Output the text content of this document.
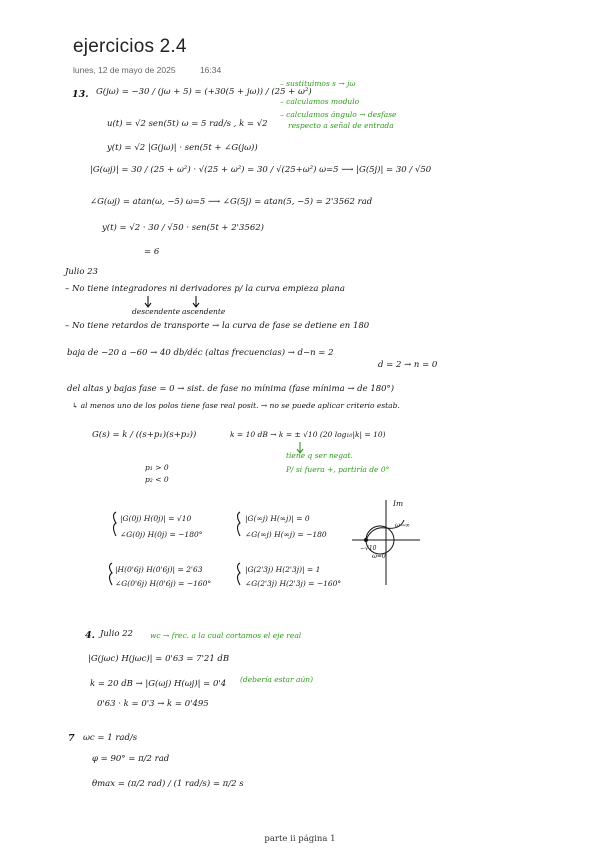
ejercicios 2.4
lunes, 12 de mayo de 2025	16:34
13. G(jω) = −30 / (jω + 5) = (+30(5 + jω)) / (25 + ω²)
u(t) = √2 sen(5t) ω = 5 rad/s , k = √2
y(t) = √2 |G(jω)| · sen(5t + ∠G(jω))
|G(ωj)| = 30 / (25 + ω²) · √(25 + ω²) = 30 / √(25+ω²) ω=5 ⟶ |G(5j)| = 30 / √50
∠G(ωj) = atan(ω, −5) ω=5 ⟶ ∠G(5j) = atan(5, −5) = 2'3562 rad
y(t) = √2 · 30 / √50 · sen(5t + 2'3562)
= 6
– sustituimos s → jω
– calculamos modulo
– calculamos ángulo → desfase
respecto a señal de entrada
Julio 23
– No tiene integradores ni derivadores p/ la curva empieza plana
descendente ascendente
– No tiene retardos de transporte → la curva de fase se detiene en 180
baja de −20 a −60 → 40 db/déc (altas frecuencias) → d−n = 2
d = 2 → n = 0
del altas y bajas fase = 0 → sist. de fase no mínima (fase mínima → de 180°)
↳ al menos uno de los polos tiene fase real posit. → no se puede aplicar criterio estab.
G(s) = k / ((s+p₁)(s+p₂))
p₁ > 0
p₂ < 0
k = 10 dB → k = ± √10 (20 log₁₀|k| = 10)
tiene q ser negat.
P/ si fuera +, partiría de 0°
|G(0j) H(0j)| = √10
∠G(0j) H(0j) = −180°
|G(∞j) H(∞j)| = 0
∠G(∞j) H(∞j) = −180
|H(0'6j) H(0'6j)| = 2'63
∠G(0'6j) H(0'6j) = −160°
|G(2'3j) H(2'3j)| = 1
∠G(2'3j) H(2'3j) = −160°
Im
ω→∞
−√10
ω=0
4. Julio 22 wc → frec. a la cual cortamos el eje real
|G(jωc) H(jωc)| = 0'63 = 7'21 dB
k = 20 dB → |G(ωj) H(ωj)| = 0'4 (debería estar aún)
0'63 · k = 0'3 → k = 0'495
7 ωc = 1 rad/s
φ = 90° = π/2 rad
θmax = (π/2 rad) / (1 rad/s) = π/2 s
parte ii página 1
